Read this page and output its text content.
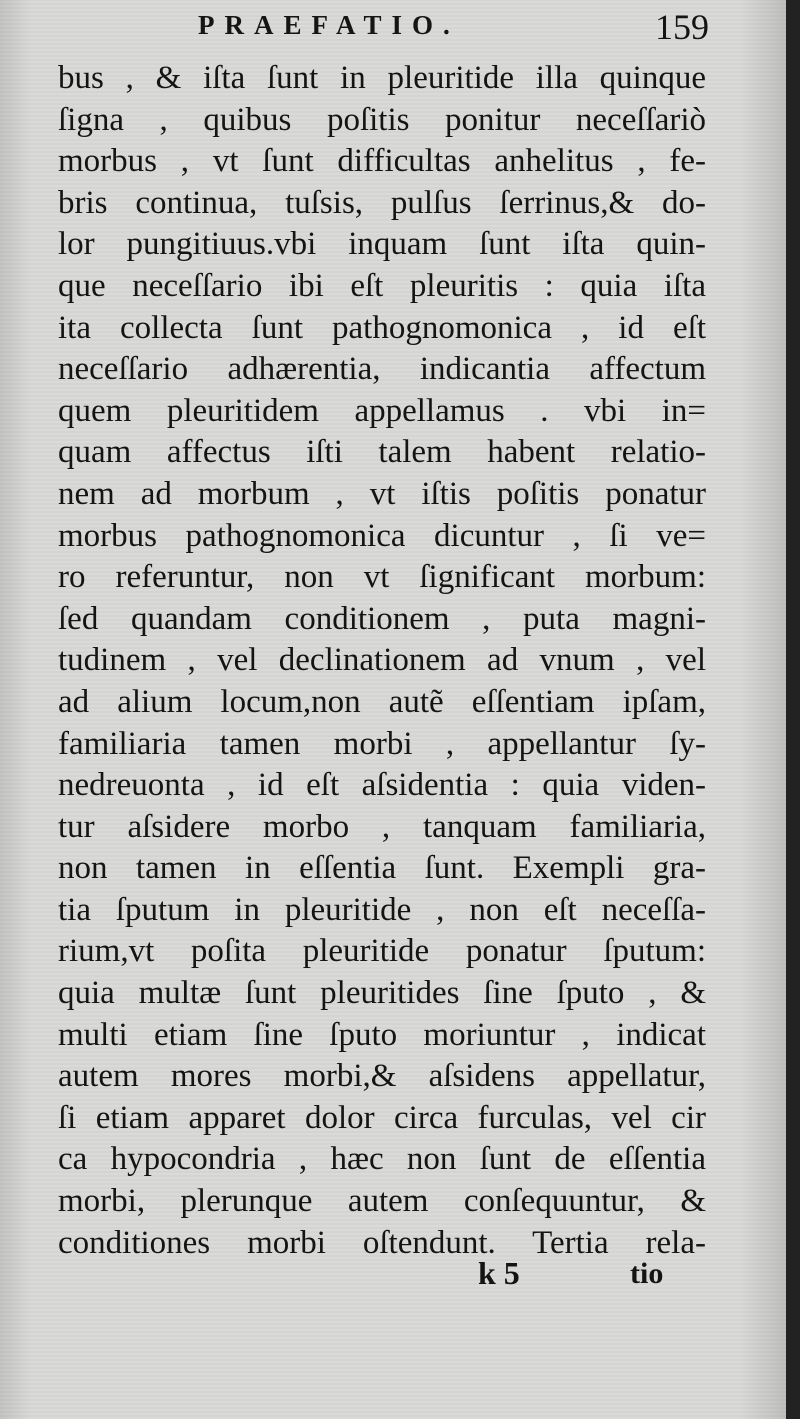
PRAEFATIO.	159
bus , & iſta ſunt in pleuritide illa quinque
ſigna , quibus poſitis ponitur neceſſariò
morbus , vt ſunt difficultas anhelitus , fe-
bris continua, tuſsis, pulſus ſerrinus,& do-
lor pungitiuus.vbi inquam ſunt iſta quin-
que neceſſario ibi eſt pleuritis : quia iſta
ita collecta ſunt pathognomonica , id eſt
neceſſario adhærentia, indicantia affectum
quem pleuritidem appellamus . vbi in=
quam affectus iſti talem habent relatio-
nem ad morbum , vt iſtis poſitis ponatur
morbus pathognomonica dicuntur , ſi ve=
ro referuntur, non vt ſignificant morbum:
ſed quandam conditionem , puta magni-
tudinem , vel declinationem ad vnum , vel
ad alium locum,non autẽ eſſentiam ipſam,
familiaria tamen morbi , appellantur ſy-
nedreuonta , id eſt aſsidentia : quia viden-
tur aſsidere morbo , tanquam familiaria,
non tamen in eſſentia ſunt. Exempli gra-
tia ſputum in pleuritide , non eſt neceſſa-
rium,vt poſita pleuritide ponatur ſputum:
quia multæ ſunt pleuritides ſine ſputo , &
multi etiam ſine ſputo moriuntur , indicat
autem mores morbi,& aſsidens appellatur,
ſi etiam apparet dolor circa furculas, vel cir
ca hypocondria , hæc non ſunt de eſſentia
morbi, plerunque autem conſequuntur, &
conditiones morbi oſtendunt. Tertia rela-
k 5	tio
